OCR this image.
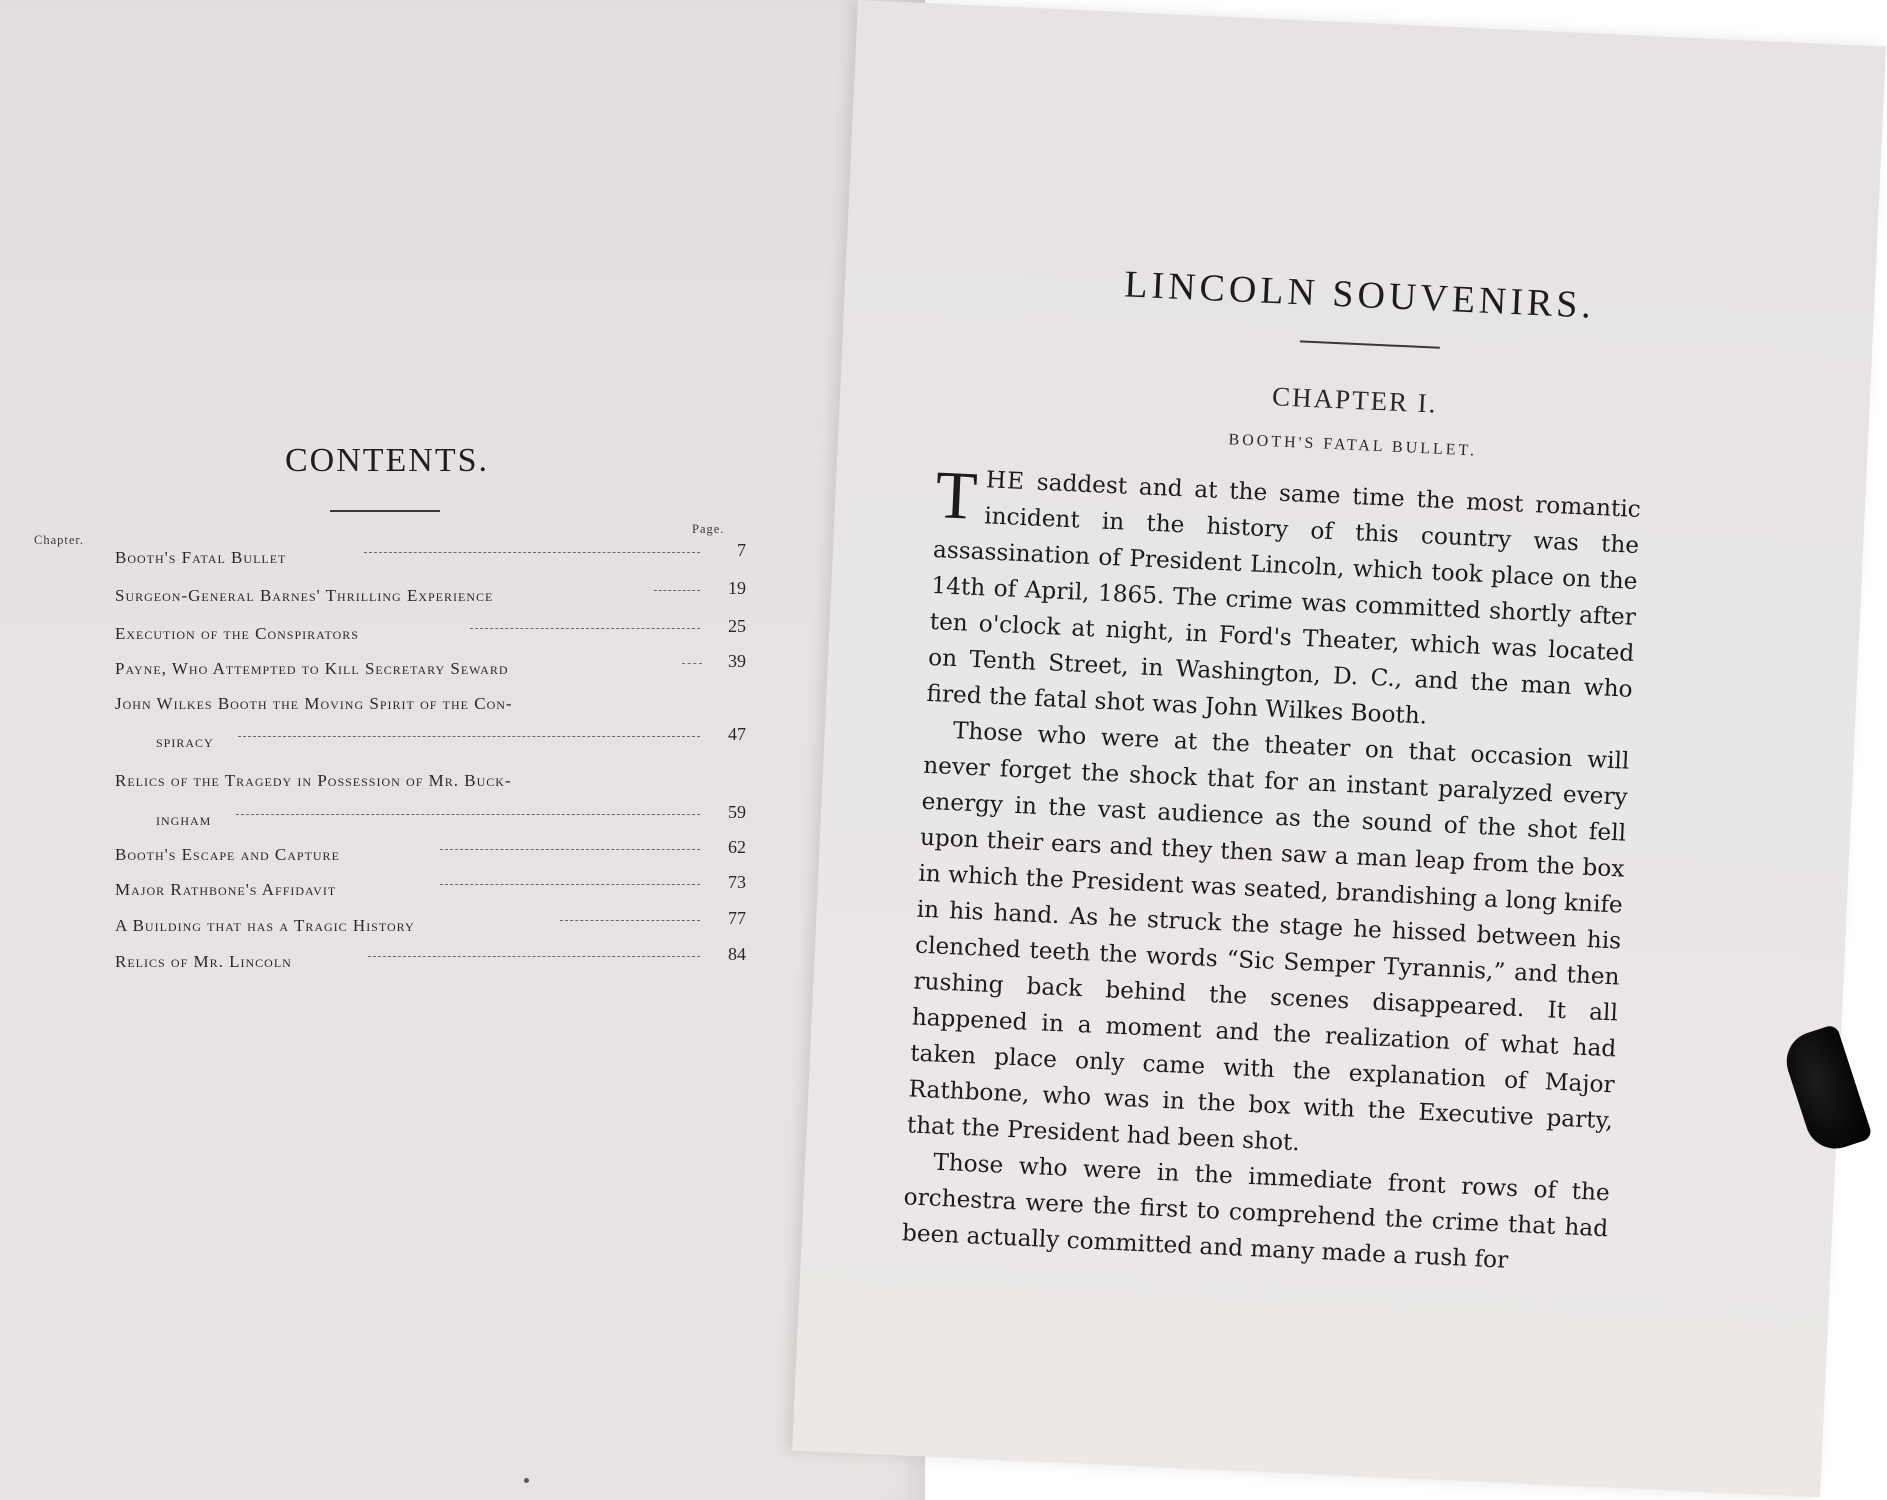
CONTENTS.
Chapter.
Page.
Booth's Fatal Bullet	7
Surgeon-General Barnes' Thrilling Experience	19
Execution of the Conspirators	25
Payne, Who Attempted to Kill Secretary Seward	39
John Wilkes Booth the Moving Spirit of the Con-
spiracy	47
Relics of the Tragedy in Possession of Mr. Buck-
ingham	59
Booth's Escape and Capture	62
Major Rathbone's Affidavit	73
A Building that has a Tragic History	77
Relics of Mr. Lincoln	84
LINCOLN SOUVENIRS.
CHAPTER I.
BOOTH'S FATAL BULLET.

THE saddest and at the same time the most romantic incident in the history of this country was the assassination of President Lincoln, which took place on the 14th of April, 1865. The crime was committed shortly after ten o'clock at night, in Ford's Theater, which was located on Tenth Street, in Washington, D. C., and the man who fired the fatal shot was John Wilkes Booth.

Those who were at the theater on that occasion will never forget the shock that for an instant paralyzed every energy in the vast audience as the sound of the shot fell upon their ears and they then saw a man leap from the box in which the President was seated, brandishing a long knife in his hand. As he struck the stage he hissed between his clenched teeth the words “Sic Semper Tyrannis,” and then rushing back behind the scenes disappeared. It all happened in a moment and the realization of what had taken place only came with the explanation of Major Rathbone, who was in the box with the Executive party, that the President had been shot.

Those who were in the immediate front rows of the orchestra were the first to comprehend the crime that had been actually committed and many made a rush for
